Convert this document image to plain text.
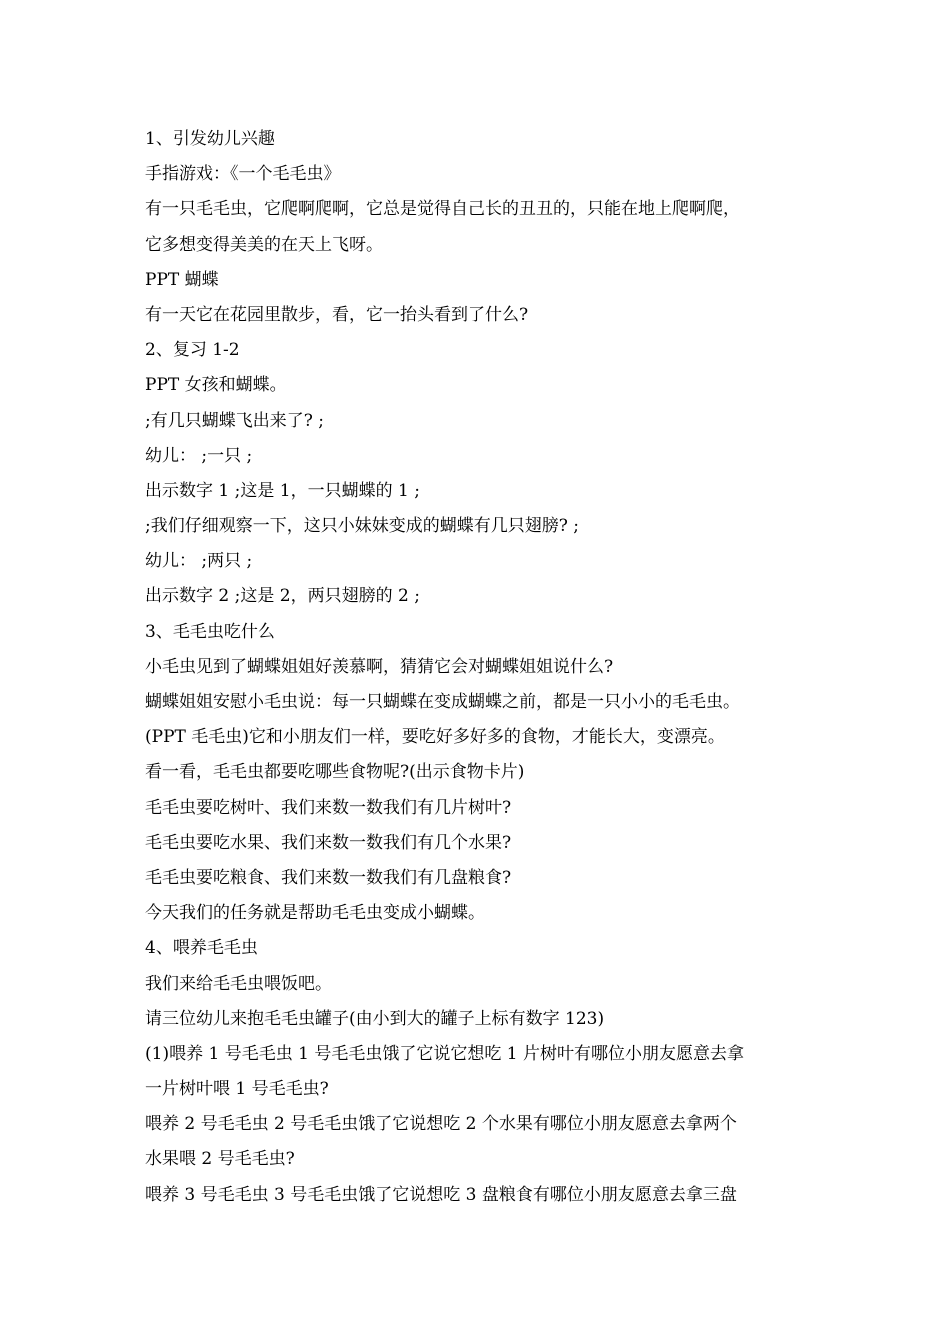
1、引发幼儿兴趣
手指游戏：《一个毛毛虫》
有一只毛毛虫，它爬啊爬啊，它总是觉得自己长的丑丑的，只能在地上爬啊爬，
它多想变得美美的在天上飞呀。
PPT 蝴蝶
有一天它在花园里散步，看，它一抬头看到了什么?
2、复习 1-2
PPT 女孩和蝴蝶。
;有几只蝴蝶飞出来了? ;
幼儿： ;一只 ;
出示数字 1 ;这是 1，一只蝴蝶的 1 ;
;我们仔细观察一下，这只小妹妹变成的蝴蝶有几只翅膀? ;
幼儿： ;两只 ;
出示数字 2 ;这是 2，两只翅膀的 2 ;
3、毛毛虫吃什么
小毛虫见到了蝴蝶姐姐好羡慕啊，猜猜它会对蝴蝶姐姐说什么?
蝴蝶姐姐安慰小毛虫说：每一只蝴蝶在变成蝴蝶之前，都是一只小小的毛毛虫。
(PPT 毛毛虫)它和小朋友们一样，要吃好多好多的食物，才能长大，变漂亮。
看一看，毛毛虫都要吃哪些食物呢?(出示食物卡片)
毛毛虫要吃树叶、我们来数一数我们有几片树叶?
毛毛虫要吃水果、我们来数一数我们有几个水果?
毛毛虫要吃粮食、我们来数一数我们有几盘粮食?
今天我们的任务就是帮助毛毛虫变成小蝴蝶。
4、喂养毛毛虫
我们来给毛毛虫喂饭吧。
请三位幼儿来抱毛毛虫罐子(由小到大的罐子上标有数字 123)
(1)喂养 1 号毛毛虫 1 号毛毛虫饿了它说它想吃 1 片树叶有哪位小朋友愿意去拿
一片树叶喂 1 号毛毛虫?
喂养 2 号毛毛虫 2 号毛毛虫饿了它说想吃 2 个水果有哪位小朋友愿意去拿两个
水果喂 2 号毛毛虫?
喂养 3 号毛毛虫 3 号毛毛虫饿了它说想吃 3 盘粮食有哪位小朋友愿意去拿三盘
